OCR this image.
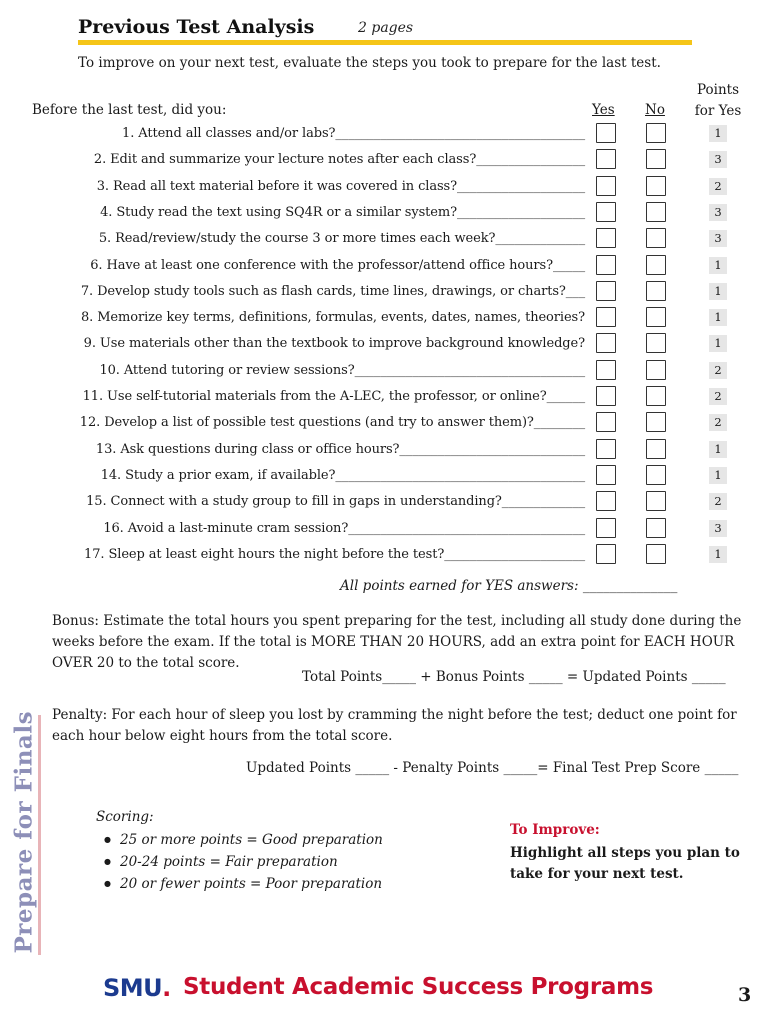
Previous Test Analysis	2 pages
To improve on your next test, evaluate the steps you took to prepare for the last test.
Points
for Yes
Before the last test, did you:	Yes No
1. Attend all classes and/or labs?_______________________________________	1
2. Edit and summarize your lecture notes after each class?_________________	3
3. Read all text material before it was covered in class?____________________	2
4. Study read the text using SQ4R or a similar system?____________________	3
5. Read/review/study the course 3 or more times each week?______________	3
6. Have at least one conference with the professor/attend office hours?_____	1
7. Develop study tools such as flash cards, time lines, drawings, or charts?___	1
8. Memorize key terms, definitions, formulas, events, dates, names, theories?	1
9. Use materials other than the textbook to improve background knowledge?	1
10. Attend tutoring or review sessions?____________________________________	2
11. Use self-tutorial materials from the A-LEC, the professor, or online?______	2
12. Develop a list of possible test questions (and try to answer them)?________	2
13. Ask questions during class or office hours?_____________________________	1
14. Study a prior exam, if available?_______________________________________	1
15. Connect with a study group to fill in gaps in understanding?_____________	2
16. Avoid a last-minute cram session?_____________________________________	3
17. Sleep at least eight hours the night before the test?______________________	1
All points earned for YES answers: ______________
Bonus: Estimate the total hours you spent preparing for the test, including all study done during the weeks before the exam. If the total is MORE THAN 20 HOURS, add an extra point for EACH HOUR OVER 20 to the total score.
Total Points_____ + Bonus Points _____ = Updated Points _____
Penalty: For each hour of sleep you lost by cramming the night before the test; deduct one point for each hour below eight hours from the total score.
Updated Points _____ - Penalty Points _____= Final Test Prep Score _____
Scoring:
● 25 or more points = Good preparation
● 20-24 points = Fair preparation
● 20 or fewer points = Poor preparation
To Improve:
Highlight all steps you plan to take for your next test.
Prepare for Finals
SMU. Student Academic Success Programs	3
